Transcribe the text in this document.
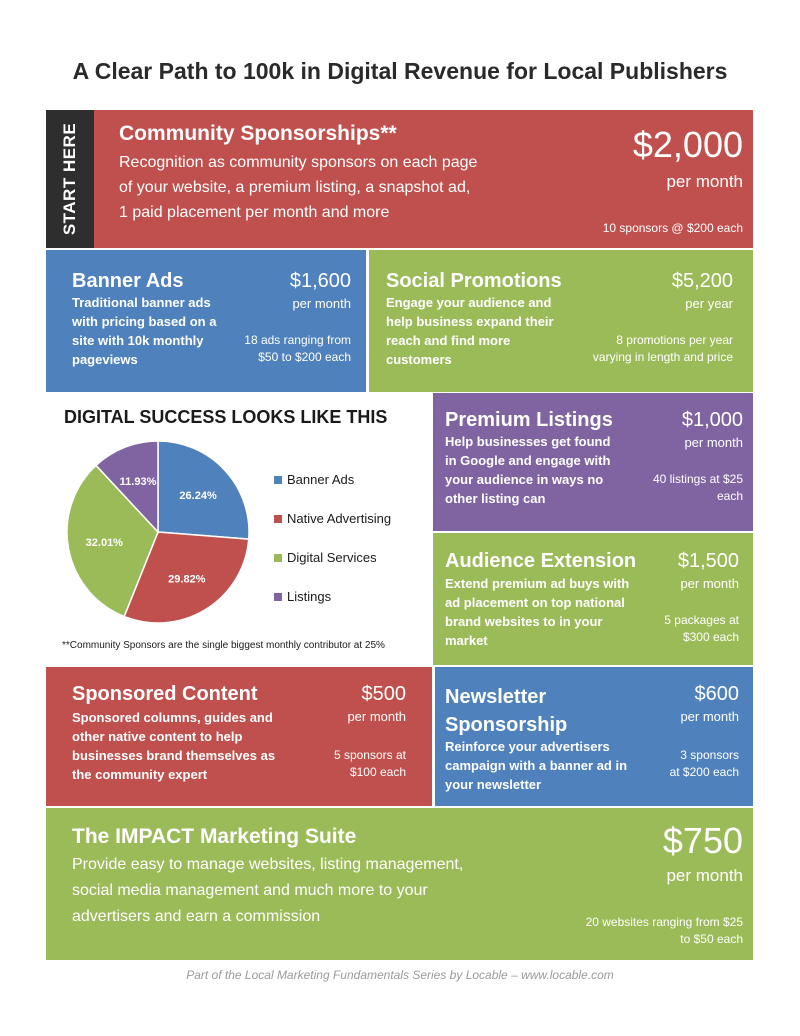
A Clear Path to 100k in Digital Revenue for Local Publishers
START HERE Community Sponsorships**
Recognition as community sponsors on each page
of your website, a premium listing, a snapshot ad,
1 paid placement per month and more
$2,000
per month
10 sponsors @ $200 each
Banner Ads
Traditional banner ads
with pricing based on a
site with 10k monthly
pageviews
$1,600
per month
18 ads ranging from
$50 to $200 each
Social Promotions
Engage your audience and
help business expand their
reach and find more
customers
$5,200
per year
8 promotions per year
varying in length and price
DIGITAL SUCCESS LOOKS LIKE THIS
26.24%
29.82%
32.01%
11.93%	Banner Ads
Native Advertising
Digital Services
Listings
**Community Sponsors are the single biggest monthly contributor at 25%
Premium Listings
Help businesses get found
in Google and engage with
your audience in ways no
other listing can
$1,000
per month
40 listings at $25
each
Audience Extension
Extend premium ad buys with
ad placement on top national
brand websites to in your
market
$1,500
per month
5 packages at
$300 each
Sponsored Content
Sponsored columns, guides and
other native content to help
businesses brand themselves as
the community expert
$500
per month
5 sponsors at
$100 each
Newsletter
Sponsorship
Reinforce your advertisers
campaign with a banner ad in
your newsletter
$600
per month
3 sponsors
at $200 each
The IMPACT Marketing Suite
Provide easy to manage websites, listing management,
social media management and much more to your
advertisers and earn a commission
$750
per month
20 websites ranging from $25
to $50 each
Part of the Local Marketing Fundamentals Series by Locable – www.locable.com
